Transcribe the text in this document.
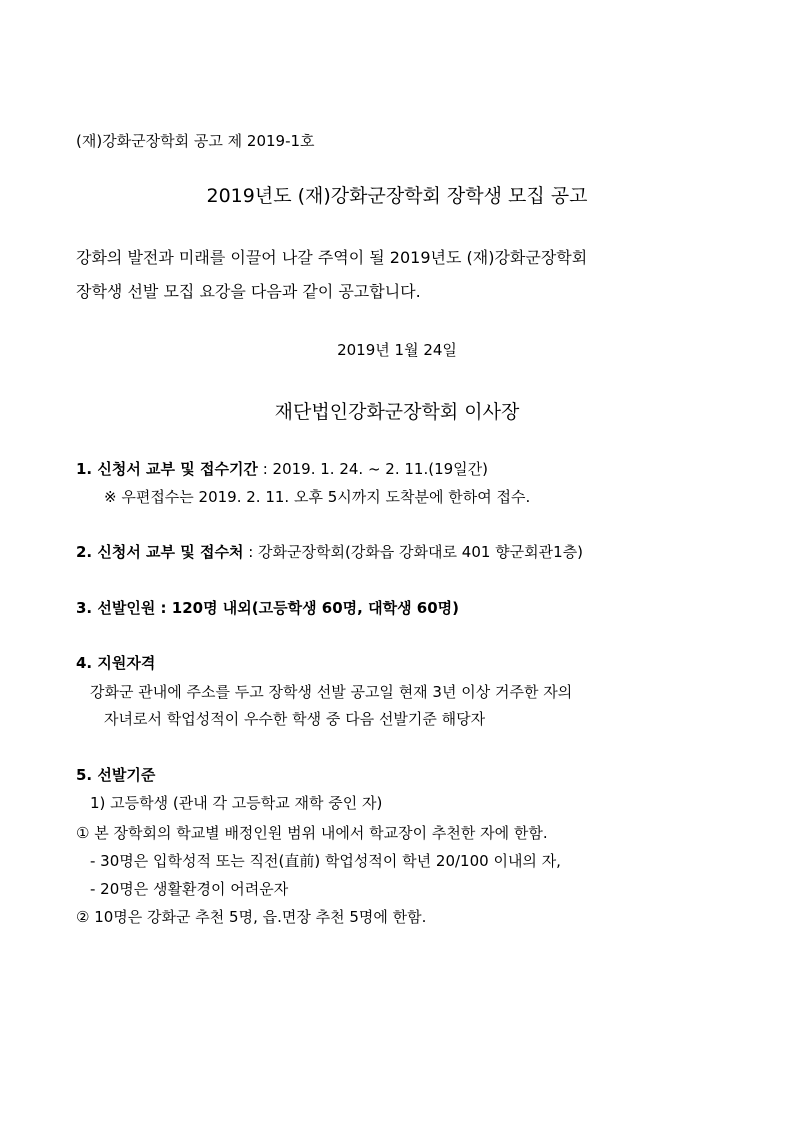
(재)강화군장학회 공고 제 2019-1호
2019년도 (재)강화군장학회 장학생 모집 공고
강화의 발전과 미래를 이끌어 나갈 주역이 될 2019년도 (재)강화군장학회
장학생 선발 모집 요강을 다음과 같이 공고합니다.
2019년 1월 24일
재단법인강화군장학회 이사장
1. 신청서 교부 및 접수기간 : 2019. 1. 24. ~ 2. 11.(19일간)
※ 우편접수는 2019. 2. 11. 오후 5시까지 도착분에 한하여 접수.
2. 신청서 교부 및 접수처 : 강화군장학회(강화읍 강화대로 401 향군회관1층)
3. 선발인원 : 120명 내외(고등학생 60명, 대학생 60명)
4. 지원자격
강화군 관내에 주소를 두고 장학생 선발 공고일 현재 3년 이상 거주한 자의
자녀로서 학업성적이 우수한 학생 중 다음 선발기준 해당자
5. 선발기준
1) 고등학생 (관내 각 고등학교 재학 중인 자)
① 본 장학회의 학교별 배정인원 범위 내에서 학교장이 추천한 자에 한함.
- 30명은 입학성적 또는 직전(直前) 학업성적이 학년 20/100 이내의 자,
- 20명은 생활환경이 어려운자
② 10명은 강화군 추천 5명, 읍.면장 추천 5명에 한함.
